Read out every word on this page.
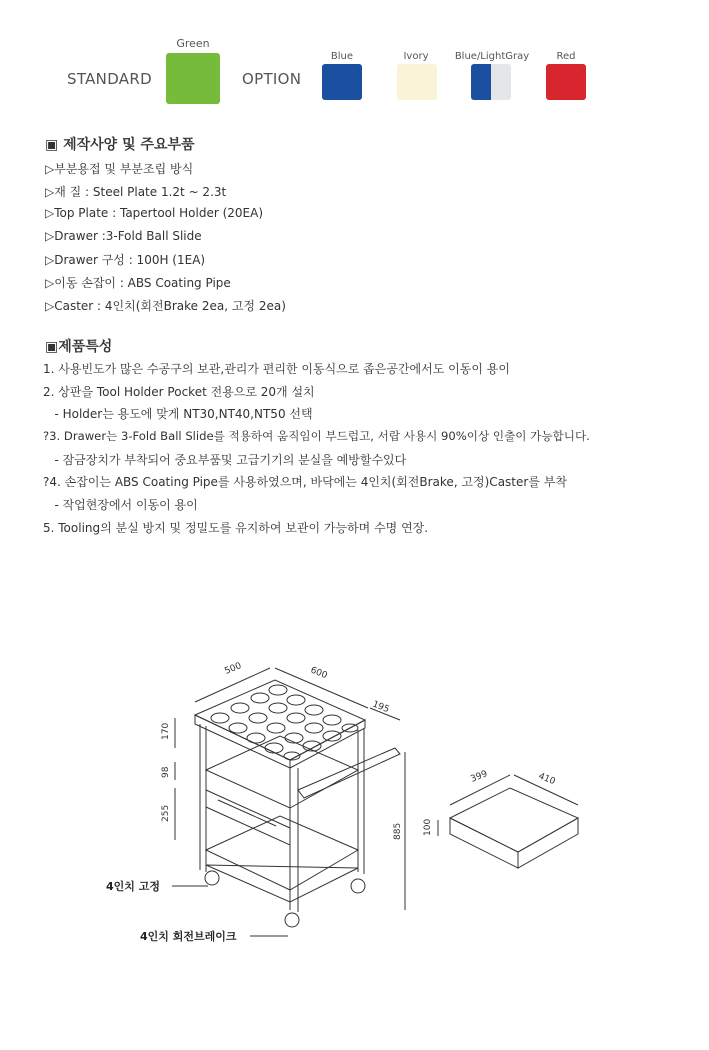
STANDARD
Green
OPTION
Blue	Ivory	Blue/LightGray	Red
▣ 제작사양 및 주요부품
▷부분용접 및 부분조립 방식
▷재 질 : Steel Plate 1.2t ~ 2.3t
▷Top Plate : Tapertool Holder (20EA)
▷Drawer :3-Fold Ball Slide
▷Drawer 구성 : 100H (1EA)
▷이동 손잡이 : ABS Coating Pipe
▷Caster : 4인치(회전Brake 2ea, 고정 2ea)
▣제품특성
1. 사용빈도가 많은 수공구의 보관,관리가 편리한 이동식으로 좁은공간에서도 이동이 용이
2. 상판을 Tool Holder Pocket 전용으로 20개 설치
- Holder는 용도에 맞게 NT30,NT40,NT50 선택
?3. Drawer는 3-Fold Ball Slide를 적용하여 움직임이 부드럽고, 서랍 사용시 90%이상 인출이 가능합니다.
- 잠금장치가 부착되어 중요부품및 고급기기의 분실을 예방할수있다
?4. 손잡이는 ABS Coating Pipe를 사용하였으며, 바닥에는 4인치(회전Brake, 고정)Caster를 부착
- 작업현장에서 이동이 용이
5. Tooling의 분실 방지 및 정밀도를 유지하여 보관이 가능하며 수명 연장.
500	600
195
170
98
255
885
399	410
100
4인치 고정
4인치 회전브레이크
